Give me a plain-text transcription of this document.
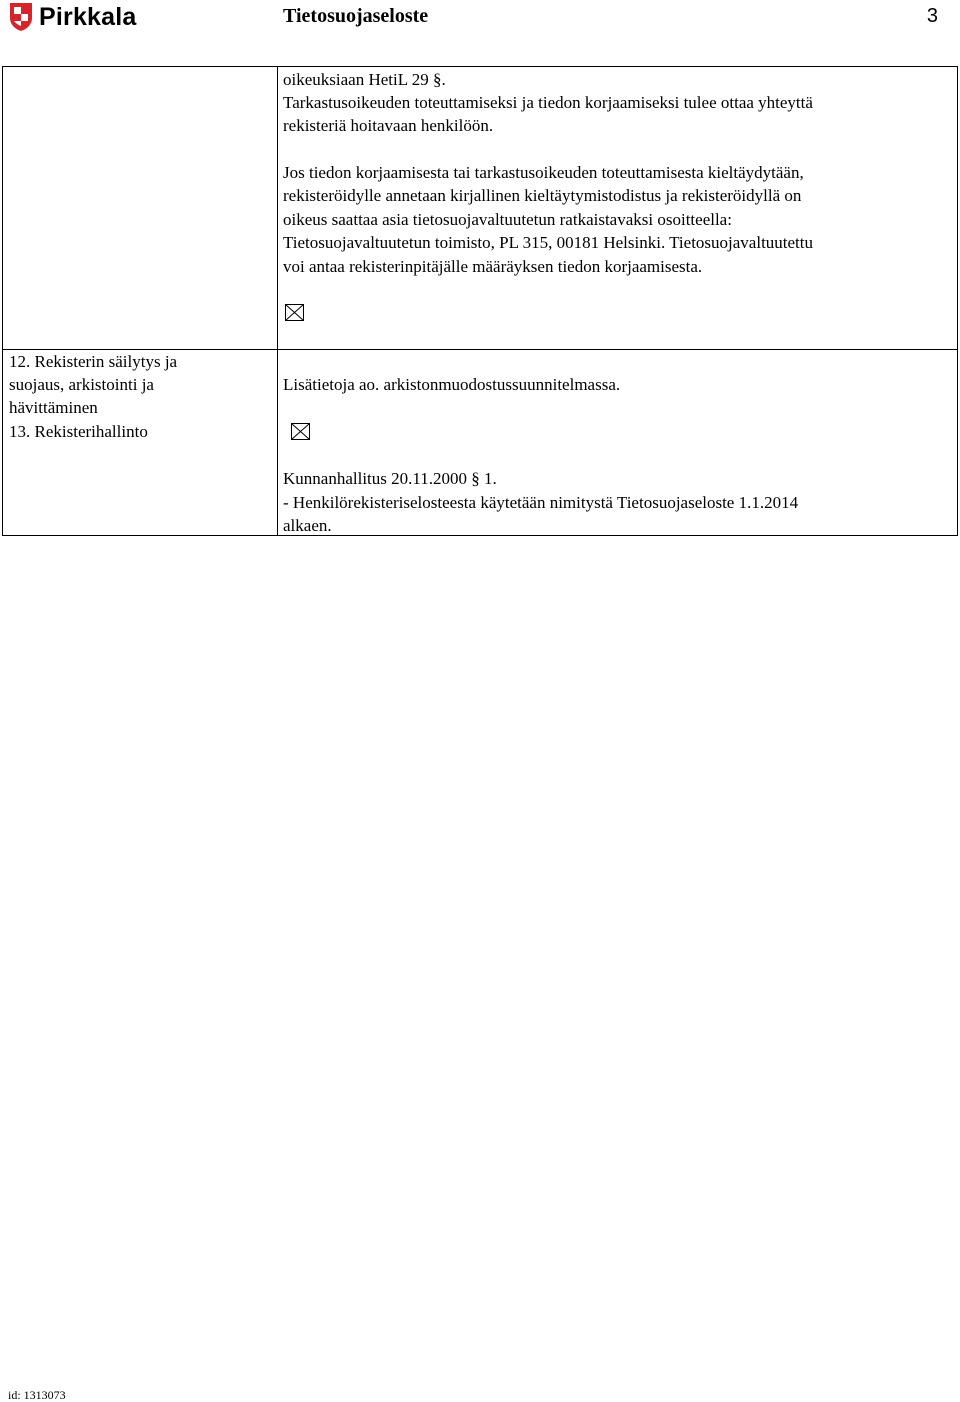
Pirkkala	Tietosuojaseloste	3
oikeuksiaan HetiL 29 §.
Tarkastusoikeuden toteuttamiseksi ja tiedon korjaamiseksi tulee ottaa yhteyttä
rekisteriä hoitavaan henkilöön.
Jos tiedon korjaamisesta tai tarkastusoikeuden toteuttamisesta kieltäydytään,
rekisteröidylle annetaan kirjallinen kieltäytymistodistus ja rekisteröidyllä on
oikeus saattaa asia tietosuojavaltuutetun ratkaistavaksi osoitteella:
Tietosuojavaltuutetun toimisto, PL 315, 00181 Helsinki. Tietosuojavaltuutettu
voi antaa rekisterinpitäjälle määräyksen tiedon korjaamisesta.
12. Rekisterin säilytys ja
suojaus, arkistointi ja
hävittäminen
Lisätietoja ao. arkistonmuodostussuunnitelmassa.
13. Rekisterihallinto
Kunnanhallitus 20.11.2000 § 1.
- Henkilörekisteriselosteesta käytetään nimitystä Tietosuojaseloste 1.1.2014
alkaen.
id: 1313073
